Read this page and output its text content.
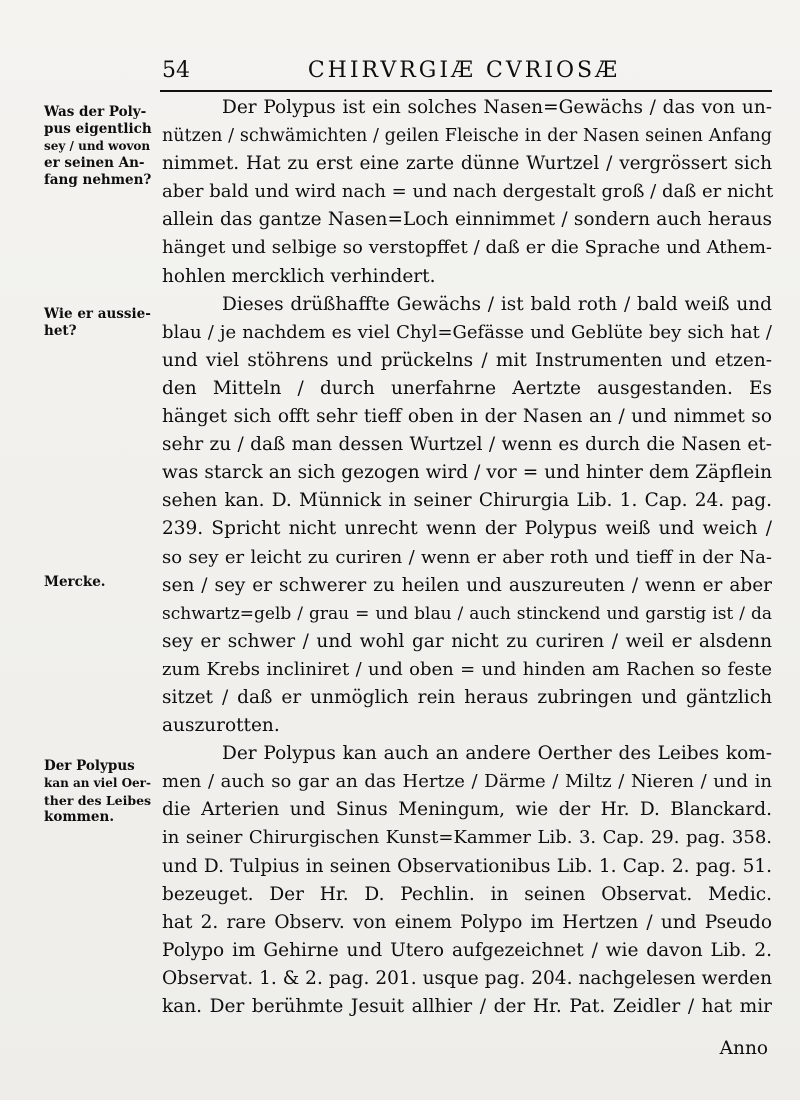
54	CHIRVRGIÆ CVRIOSÆ
Was der Poly-
pus eigentlich
sey / und wovon
er seinen An-
fang nehmen?
Wie er aussie-
het?
Mercke.
Der Polypus
kan an viel Oer-
ther des Leibes
kommen.
Der Polypus ist ein solches Nasen=Gewächs / das von un-
nützen / schwämichten / geilen Fleische in der Nasen seinen Anfang
nimmet. Hat zu erst eine zarte dünne Wurtzel / vergrössert sich
aber bald und wird nach = und nach dergestalt groß / daß er nicht
allein das gantze Nasen=Loch einnimmet / sondern auch heraus
hänget und selbige so verstopffet / daß er die Sprache und Athem-
hohlen mercklich verhindert.
Dieses drüßhaffte Gewächs / ist bald roth / bald weiß und
blau / je nachdem es viel Chyl=Gefässe und Geblüte bey sich hat /
und viel stöhrens und prückelns / mit Instrumenten und etzen-
den Mitteln / durch unerfahrne Aertzte ausgestanden. Es
hänget sich offt sehr tieff oben in der Nasen an / und nimmet so
sehr zu / daß man dessen Wurtzel / wenn es durch die Nasen et-
was starck an sich gezogen wird / vor = und hinter dem Zäpflein
sehen kan. D. Münnick in seiner Chirurgia Lib. 1. Cap. 24. pag.
239. Spricht nicht unrecht wenn der Polypus weiß und weich /
so sey er leicht zu curiren / wenn er aber roth und tieff in der Na-
sen / sey er schwerer zu heilen und auszureuten / wenn er aber
schwartz=gelb / grau = und blau / auch stinckend und garstig ist / da
sey er schwer / und wohl gar nicht zu curiren / weil er alsdenn
zum Krebs incliniret / und oben = und hinden am Rachen so feste
sitzet / daß er unmöglich rein heraus zubringen und gäntzlich
auszurotten.
Der Polypus kan auch an andere Oerther des Leibes kom-
men / auch so gar an das Hertze / Därme / Miltz / Nieren / und in
die Arterien und Sinus Meningum, wie der Hr. D. Blanckard.
in seiner Chirurgischen Kunst=Kammer Lib. 3. Cap. 29. pag. 358.
und D. Tulpius in seinen Observationibus Lib. 1. Cap. 2. pag. 51.
bezeuget. Der Hr. D. Pechlin. in seinen Observat. Medic.
hat 2. rare Observ. von einem Polypo im Hertzen / und Pseudo
Polypo im Gehirne und Utero aufgezeichnet / wie davon Lib. 2.
Observat. 1. & 2. pag. 201. usque pag. 204. nachgelesen werden
kan. Der berühmte Jesuit allhier / der Hr. Pat. Zeidler / hat mir
Anno
